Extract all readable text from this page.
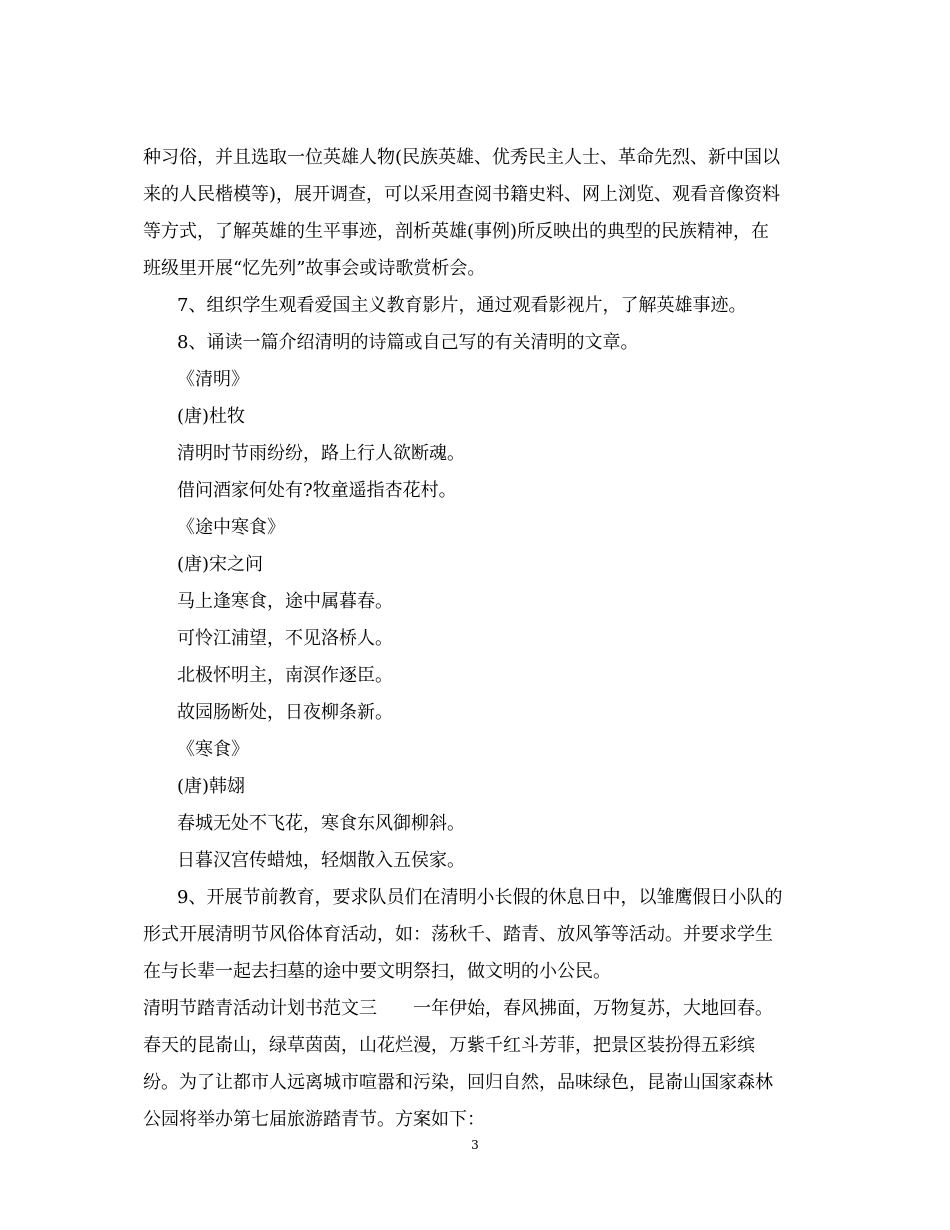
种习俗，并且选取一位英雄人物(民族英雄、优秀民主人士、革命先烈、新中国以
来的人民楷模等)，展开调查，可以采用查阅书籍史料、网上浏览、观看音像资料
等方式，了解英雄的生平事迹，剖析英雄(事例)所反映出的典型的民族精神，在
班级里开展“忆先列”故事会或诗歌赏析会。
7、组织学生观看爱国主义教育影片，通过观看影视片，了解英雄事迹。
8、诵读一篇介绍清明的诗篇或自己写的有关清明的文章。
《清明》
(唐)杜牧
清明时节雨纷纷，路上行人欲断魂。
借问酒家何处有?牧童遥指杏花村。
《途中寒食》
(唐)宋之问
马上逢寒食，途中属暮春。
可怜江浦望，不见洛桥人。
北极怀明主，南溟作逐臣。
故园肠断处，日夜柳条新。
《寒食》
(唐)韩翃
春城无处不飞花，寒食东风御柳斜。
日暮汉宫传蜡烛，轻烟散入五侯家。
9、开展节前教育，要求队员们在清明小长假的休息日中，以雏鹰假日小队的
形式开展清明节风俗体育活动，如：荡秋千、踏青、放风筝等活动。并要求学生
在与长辈一起去扫墓的途中要文明祭扫，做文明的小公民。
清明节踏青活动计划书范文三　　一年伊始，春风拂面，万物复苏，大地回春。
春天的昆嵛山，绿草茵茵，山花烂漫，万紫千红斗芳菲，把景区装扮得五彩缤
纷。为了让都市人远离城市喧嚣和污染，回归自然，品味绿色，昆嵛山国家森林
公园将举办第七届旅游踏青节。方案如下：
3
